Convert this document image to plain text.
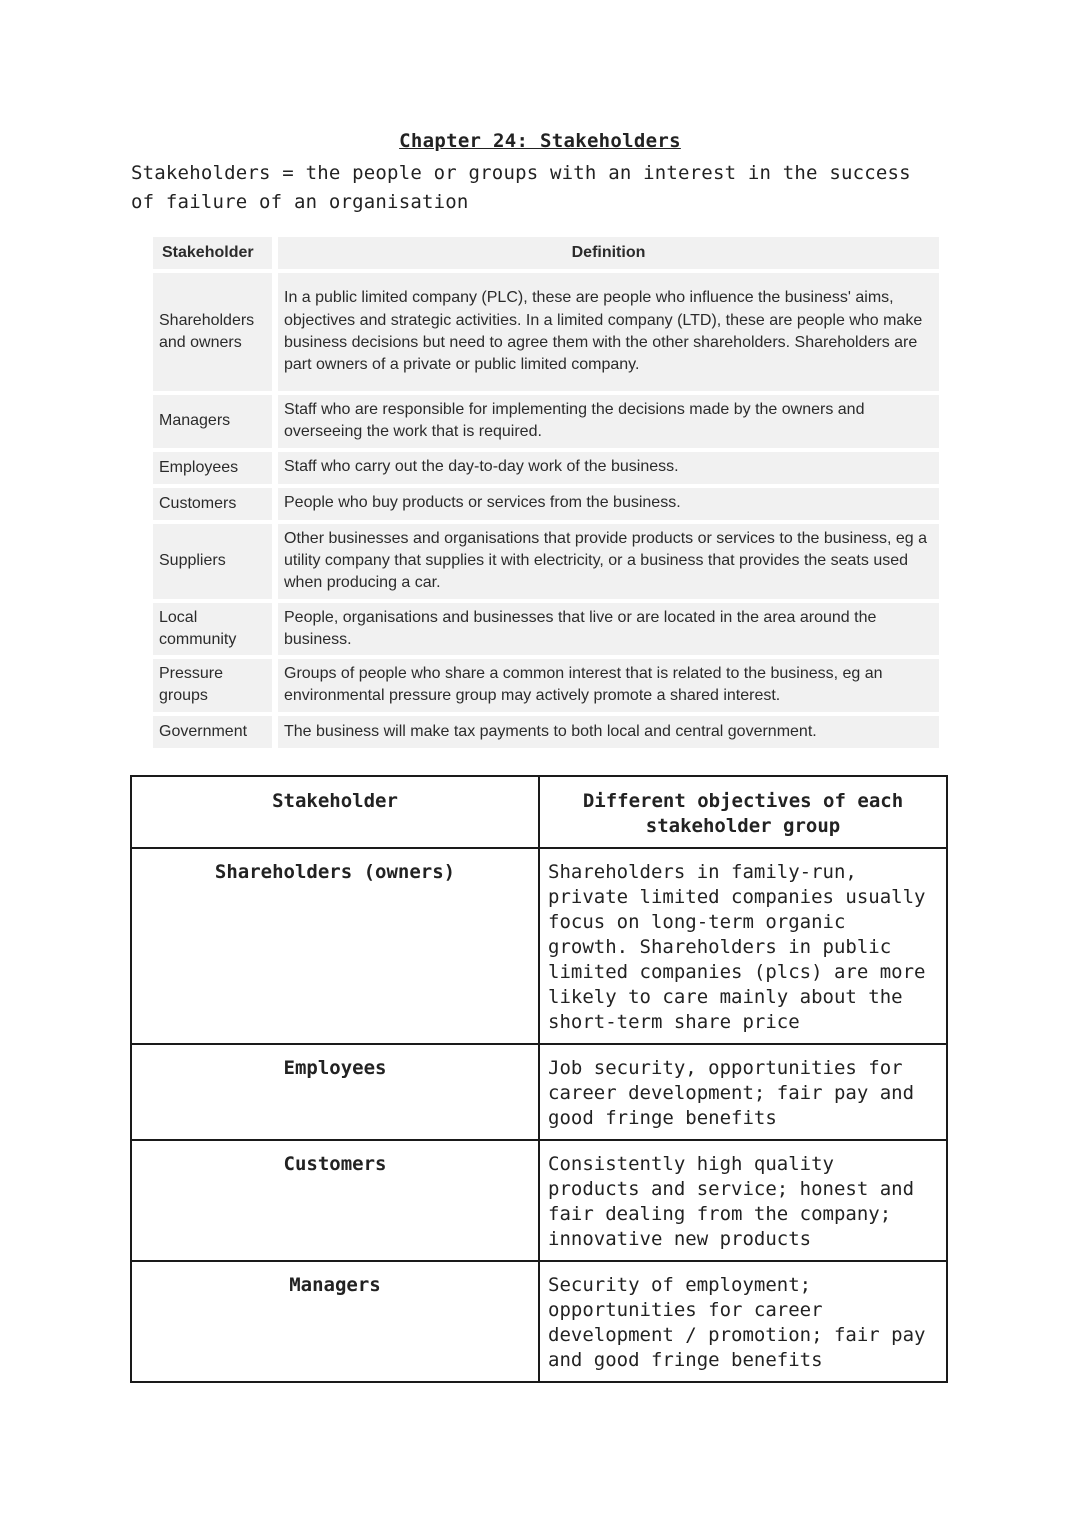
Chapter 24: Stakeholders
Stakeholders = the people or groups with an interest in the success of failure of an organisation
Stakeholder		Definition
Shareholders and owners		In a public limited company (PLC), these are people who influence the business' aims, objectives and strategic activities. In a limited company (LTD), these are people who make business decisions but need to agree them with the other shareholders. Shareholders are part owners of a private or public limited company.
Managers		Staff who are responsible for implementing the decisions made by the owners and overseeing the work that is required.
Employees		Staff who carry out the day-to-day work of the business.
Customers		People who buy products or services from the business.
Suppliers		Other businesses and organisations that provide products or services to the business, eg a utility company that supplies it with electricity, or a business that provides the seats used when producing a car.
Local community		People, organisations and businesses that live or are located in the area around the business.
Pressure groups		Groups of people who share a common interest that is related to the business, eg an environmental pressure group may actively promote a shared interest.
Government		The business will make tax payments to both local and central government.
Stakeholder	Different objectives of each stakeholder group

Shareholders (owners)	Shareholders in family-run, private limited companies usually focus on long-term organic growth. Shareholders in public limited companies (plcs) are more likely to care mainly about the short-term share price

Employees	Job security, opportunities for career development; fair pay and good fringe benefits

Customers	Consistently high quality products and service; honest and fair dealing from the company; innovative new products

Managers	Security of employment; opportunities for career development / promotion; fair pay and good fringe benefits
